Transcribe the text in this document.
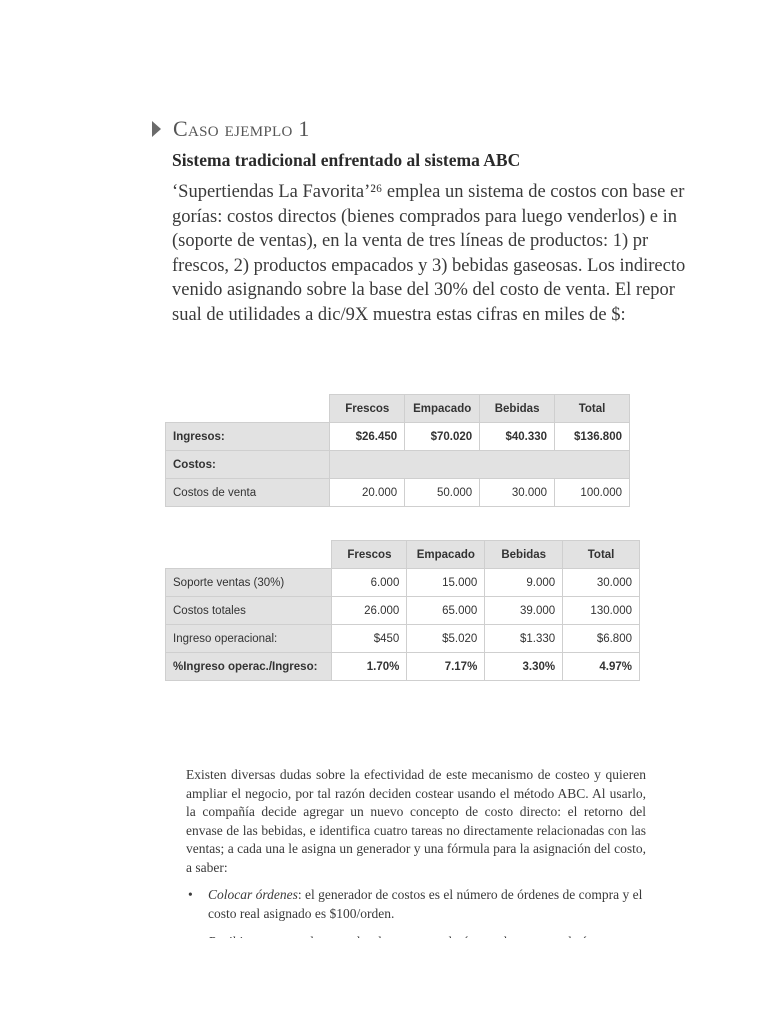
Caso ejemplo 1
Sistema tradicional enfrentado al sistema ABC
‘Supertiendas La Favorita’²⁶ emplea un sistema de costos con base er
gorías: costos directos (bienes comprados para luego venderlos) e in
(soporte de ventas), en la venta de tres líneas de productos: 1) pr
frescos, 2) productos empacados y 3) bebidas gaseosas. Los indirecto
venido asignando sobre la base del 30% del costo de venta. El repor
sual de utilidades a dic/9X muestra estas cifras en miles de $:
	Frescos	Empacado	Bebidas	Total
Ingresos:	$26.450	$70.020	$40.330	$136.800
Costos:				
Costos de venta	20.000	50.000	30.000	100.000
	Frescos	Empacado	Bebidas	Total
Soporte ventas (30%)	6.000	15.000	9.000	30.000
Costos totales	26.000	65.000	39.000	130.000
Ingreso operacional:	$450	$5.020	$1.330	$6.800
%Ingreso operac./Ingreso:	1.70%	7.17%	3.30%	4.97%

Existen diversas dudas sobre la efectividad de este mecanismo de costeo y quieren ampliar el negocio, por tal razón deciden costear usando el método ABC. Al usarlo, la compañía decide agregar un nuevo concepto de costo directo: el retorno del envase de las bebidas, e identifica cuatro tareas no directamente relacionadas con las ventas; a cada una le asigna un generador y una fórmula para la asignación del costo, a saber:

• Colocar órdenes: el generador de costos es el número de órdenes de compra y el costo real asignado es $100/orden.
